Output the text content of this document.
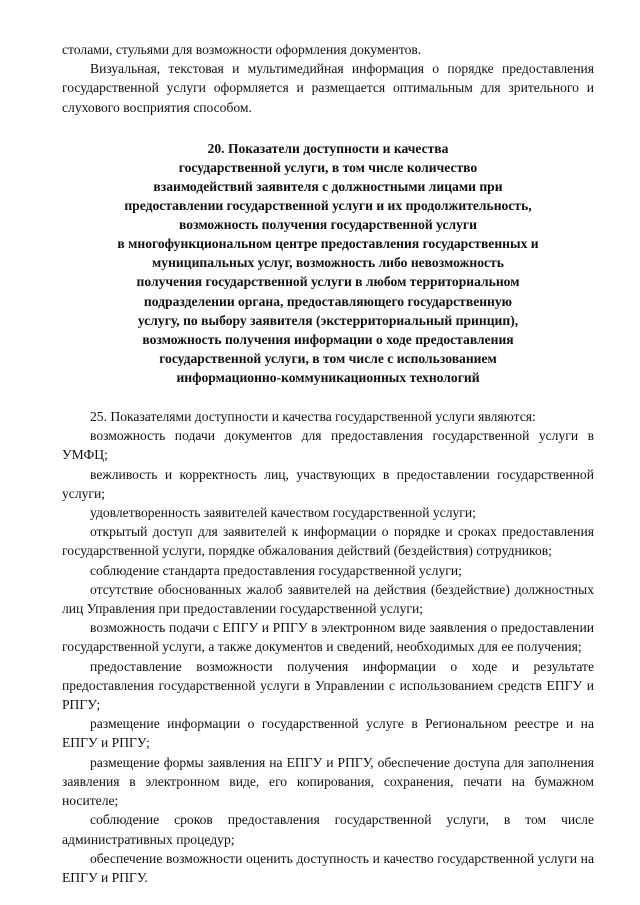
столами, стульями для возможности оформления документов.

Визуальная, текстовая и мультимедийная информация о порядке предоставления государственной услуги оформляется и размещается оптимальным для зрительного и слухового восприятия способом.

20. Показатели доступности и качества
государственной услуги, в том числе количество
взаимодействий заявителя с должностными лицами при
предоставлении государственной услуги и их продолжительность,
возможность получения государственной услуги
в многофункциональном центре предоставления государственных и
муниципальных услуг, возможность либо невозможность
получения государственной услуги в любом территориальном
подразделении органа, предоставляющего государственную
услугу, по выбору заявителя (экстерриториальный принцип),
возможность получения информации о ходе предоставления
государственной услуги, в том числе с использованием
информационно-коммуникационных технологий

25. Показателями доступности и качества государственной услуги являются:

возможность подачи документов для предоставления государственной услуги в УМФЦ;

вежливость и корректность лиц, участвующих в предоставлении государственной услуги;

удовлетворенность заявителей качеством государственной услуги;

открытый доступ для заявителей к информации о порядке и сроках предоставления государственной услуги, порядке обжалования действий (бездействия) сотрудников;

соблюдение стандарта предоставления государственной услуги;

отсутствие обоснованных жалоб заявителей на действия (бездействие) должностных лиц Управления при предоставлении государственной услуги;

возможность подачи с ЕПГУ и РПГУ в электронном виде заявления о предоставлении государственной услуги, а также документов и сведений, необходимых для ее получения;

предоставление возможности получения информации о ходе и результате предоставления государственной услуги в Управлении с использованием средств ЕПГУ и РПГУ;

размещение информации о государственной услуге в Региональном реестре и на ЕПГУ и РПГУ;

размещение формы заявления на ЕПГУ и РПГУ, обеспечение доступа для заполнения заявления в электронном виде, его копирования, сохранения, печати на бумажном носителе;

соблюдение сроков предоставления государственной услуги, в том числе административных процедур;

обеспечение возможности оценить доступность и качество государственной услуги на ЕПГУ и РПГУ.
